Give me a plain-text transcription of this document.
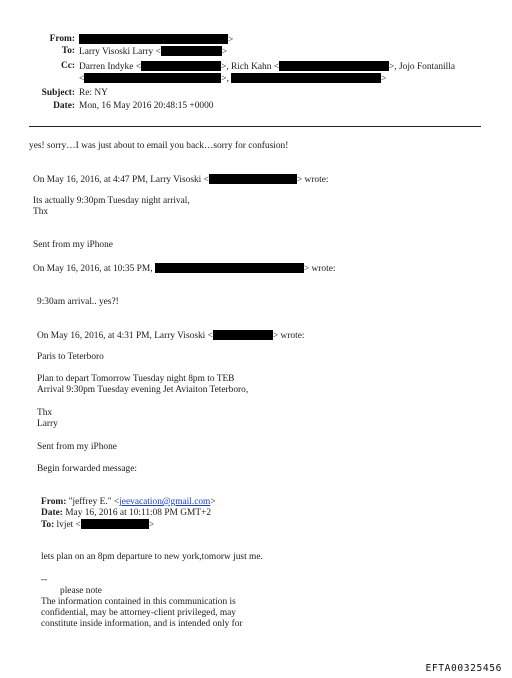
From:	>
To: Larry Visoski Larry <	>
Cc: Darren Indyke <	>, Rich Kahn <	>, Jojo Fontanilla
<	>,	>
Subject: Re: NY
Date: Mon, 16 May 2016 20:48:15 +0000
yes! sorry…I was just about to email you back…sorry for confusion!
On May 16, 2016, at 4:47 PM, Larry Visoski <	> wrote:
Its actually 9:30pm Tuesday night arrival,
Thx
Sent from my iPhone
On May 16, 2016, at 10:35 PM,	> wrote:
9:30am arrival.. yes?!
On May 16, 2016, at 4:31 PM, Larry Visoski <	> wrote:
Paris to Teterboro
Plan to depart Tomorrow Tuesday night 8pm to TEB
Arrival 9:30pm Tuesday evening Jet Aviaiton Teterboro,
Thx
Larry
Sent from my iPhone
Begin forwarded message:
From: "jeffrey E." <jeevacation@gmail.com>
Date: May 16, 2016 at 10:11:08 PM GMT+2
To: lvjet <	>
lets plan on an 8pm departure to new york,tomorw just me.
--
please note
The information contained in this communication is
confidential, may be attorney-client privileged, may
constitute inside information, and is intended only for
EFTA00325456
